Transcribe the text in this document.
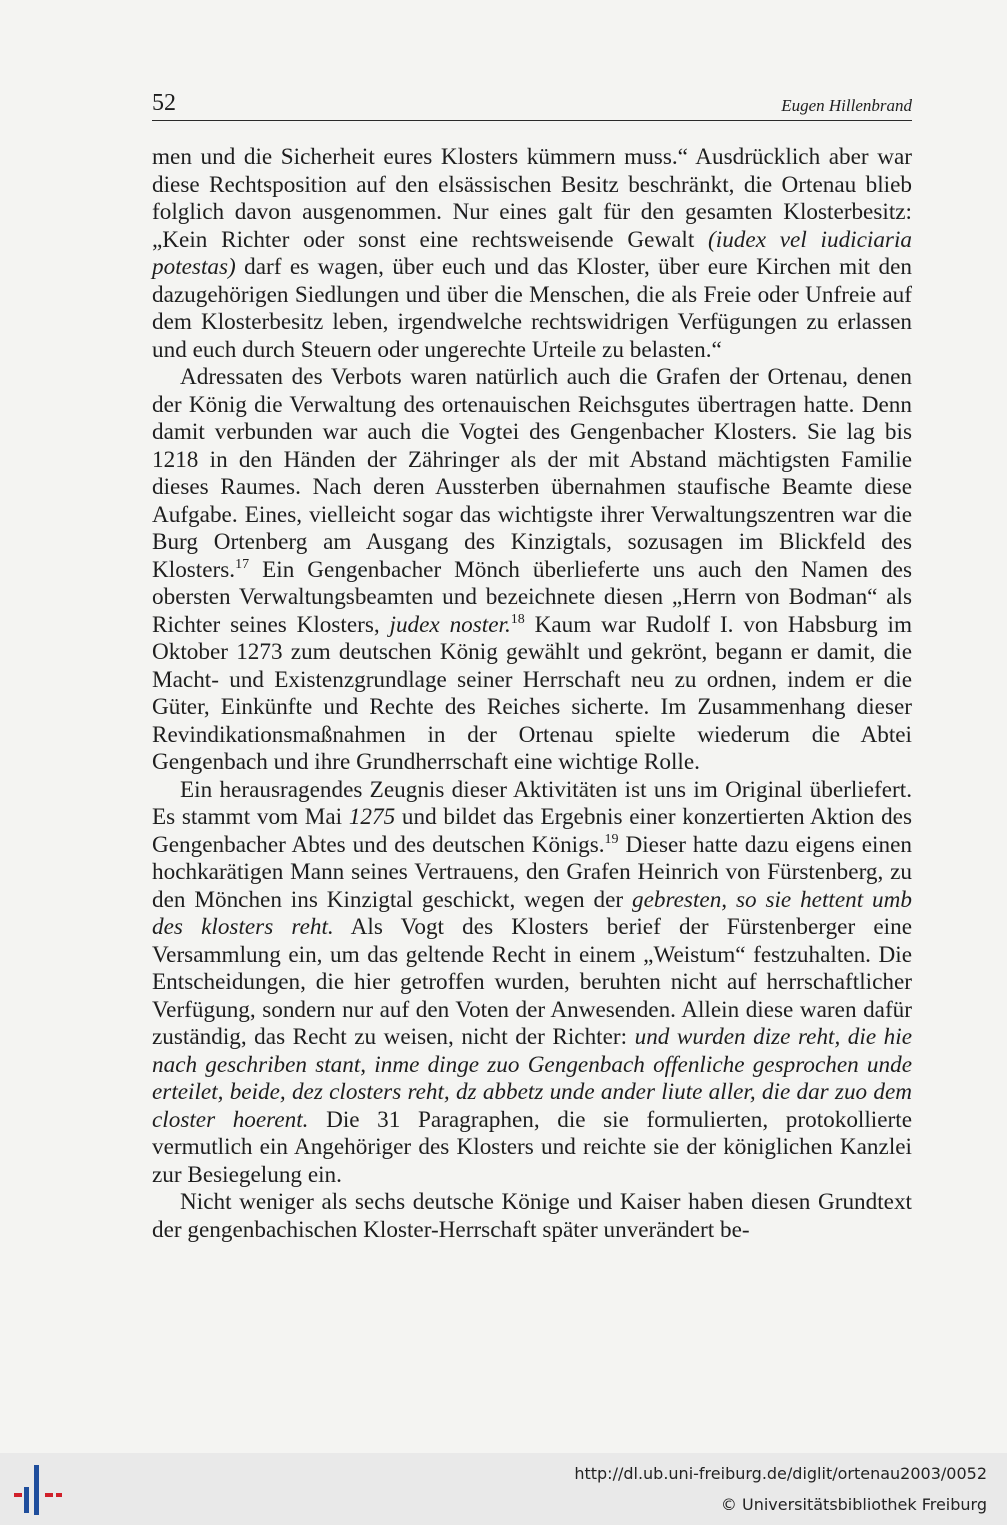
52	Eugen Hillenbrand

men und die Sicherheit eures Klosters kümmern muss.“ Ausdrücklich aber war diese Rechtsposition auf den elsässischen Besitz beschränkt, die Ortenau blieb folglich davon ausgenommen. Nur eines galt für den gesamten Klosterbesitz: „Kein Richter oder sonst eine rechtsweisende Gewalt (iudex vel iudiciaria potestas) darf es wagen, über euch und das Kloster, über eure Kirchen mit den dazugehörigen Siedlungen und über die Menschen, die als Freie oder Unfreie auf dem Klosterbesitz leben, irgendwelche rechtswidrigen Verfügungen zu erlassen und euch durch Steuern oder ungerechte Urteile zu belasten.“

Adressaten des Verbots waren natürlich auch die Grafen der Ortenau, denen der König die Verwaltung des ortenauischen Reichsgutes übertragen hatte. Denn damit verbunden war auch die Vogtei des Gengenbacher Klosters. Sie lag bis 1218 in den Händen der Zähringer als der mit Abstand mächtigsten Familie dieses Raumes. Nach deren Aussterben übernahmen staufische Beamte diese Aufgabe. Eines, vielleicht sogar das wichtigste ihrer Verwaltungszentren war die Burg Ortenberg am Ausgang des Kinzigtals, sozusagen im Blickfeld des Klosters.$^{17}$ Ein Gengenbacher Mönch überlieferte uns auch den Namen des obersten Verwaltungsbeamten und bezeichnete diesen „Herrn von Bodman“ als Richter seines Klosters, judex noster.$^{18}$ Kaum war Rudolf I. von Habsburg im Oktober 1273 zum deutschen König gewählt und gekrönt, begann er damit, die Macht- und Existenzgrundlage seiner Herrschaft neu zu ordnen, indem er die Güter, Einkünfte und Rechte des Reiches sicherte. Im Zusammenhang dieser Revindikationsmaßnahmen in der Ortenau spielte wiederum die Abtei Gengenbach und ihre Grundherrschaft eine wichtige Rolle.

Ein herausragendes Zeugnis dieser Aktivitäten ist uns im Original überliefert. Es stammt vom Mai 1275 und bildet das Ergebnis einer konzertierten Aktion des Gengenbacher Abtes und des deutschen Königs.$^{19}$ Dieser hatte dazu eigens einen hochkarätigen Mann seines Vertrauens, den Grafen Heinrich von Fürstenberg, zu den Mönchen ins Kinzigtal geschickt, wegen der gebresten, so sie hettent umb des klosters reht. Als Vogt des Klosters berief der Fürstenberger eine Versammlung ein, um das geltende Recht in einem „Weistum“ festzuhalten. Die Entscheidungen, die hier getroffen wurden, beruhten nicht auf herrschaftlicher Verfügung, sondern nur auf den Voten der Anwesenden. Allein diese waren dafür zuständig, das Recht zu weisen, nicht der Richter: und wurden dize reht, die hie nach geschriben stant, inme dinge zuo Gengenbach offenliche gesprochen unde erteilet, beide, dez closters reht, dz abbetz unde ander liute aller, die dar zuo dem closter hoerent. Die 31 Paragraphen, die sie formulierten, protokollierte vermutlich ein Angehöriger des Klosters und reichte sie der königlichen Kanzlei zur Besiegelung ein.

Nicht weniger als sechs deutsche Könige und Kaiser haben diesen Grundtext der gengenbachischen Kloster-Herrschaft später unverändert be-

http://dl.ub.uni-freiburg.de/diglit/ortenau2003/0052
© Universitätsbibliothek Freiburg
